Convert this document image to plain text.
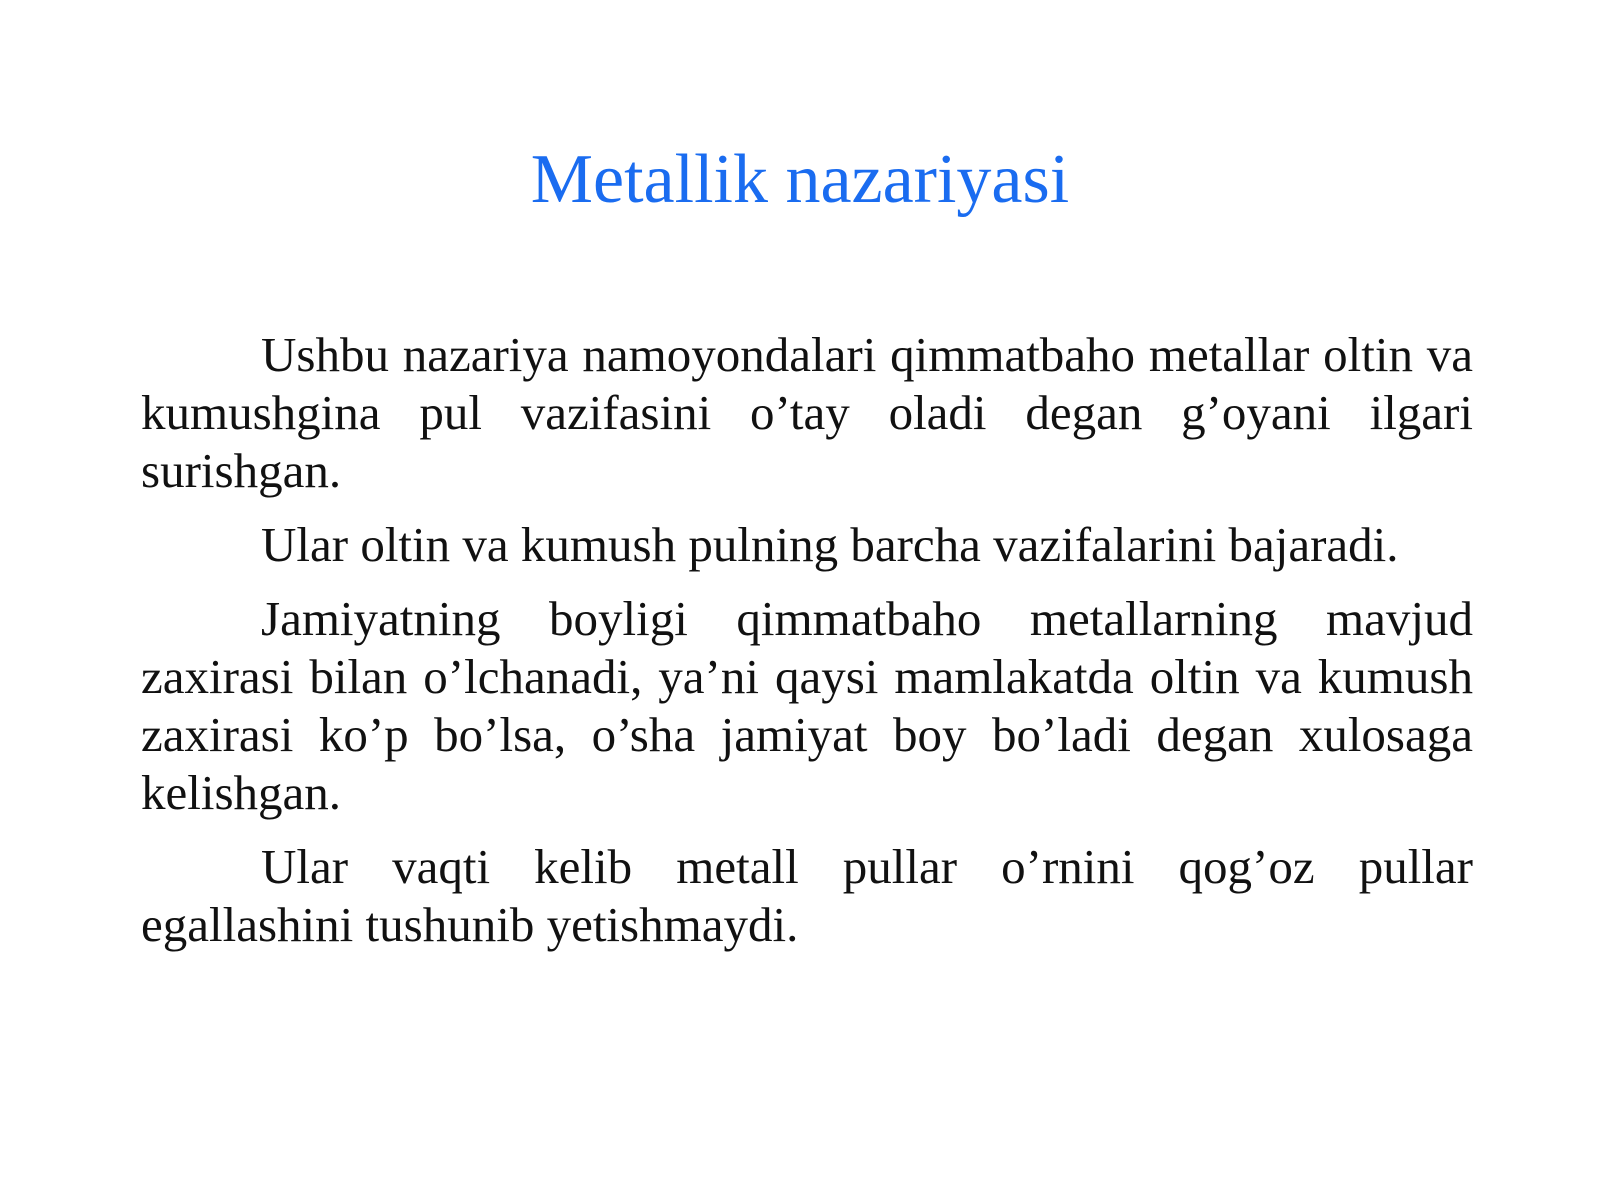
Metallik nazariyasi

Ushbu nazariya namoyondalari qimmatbaho metallar oltin va kumushgina pul vazifasini o’tay oladi degan g’oyani ilgari surishgan.

Ular oltin va kumush pulning barcha vazifalarini bajaradi.

Jamiyatning boyligi qimmatbaho metallarning mavjud zaxirasi bilan o’lchanadi, ya’ni qaysi mamlakatda oltin va kumush zaxirasi ko’p bo’lsa, o’sha jamiyat boy bo’ladi degan xulosaga kelishgan.

Ular vaqti kelib metall pullar o’rnini qog’oz pullar egallashini tushunib yetishmaydi.
